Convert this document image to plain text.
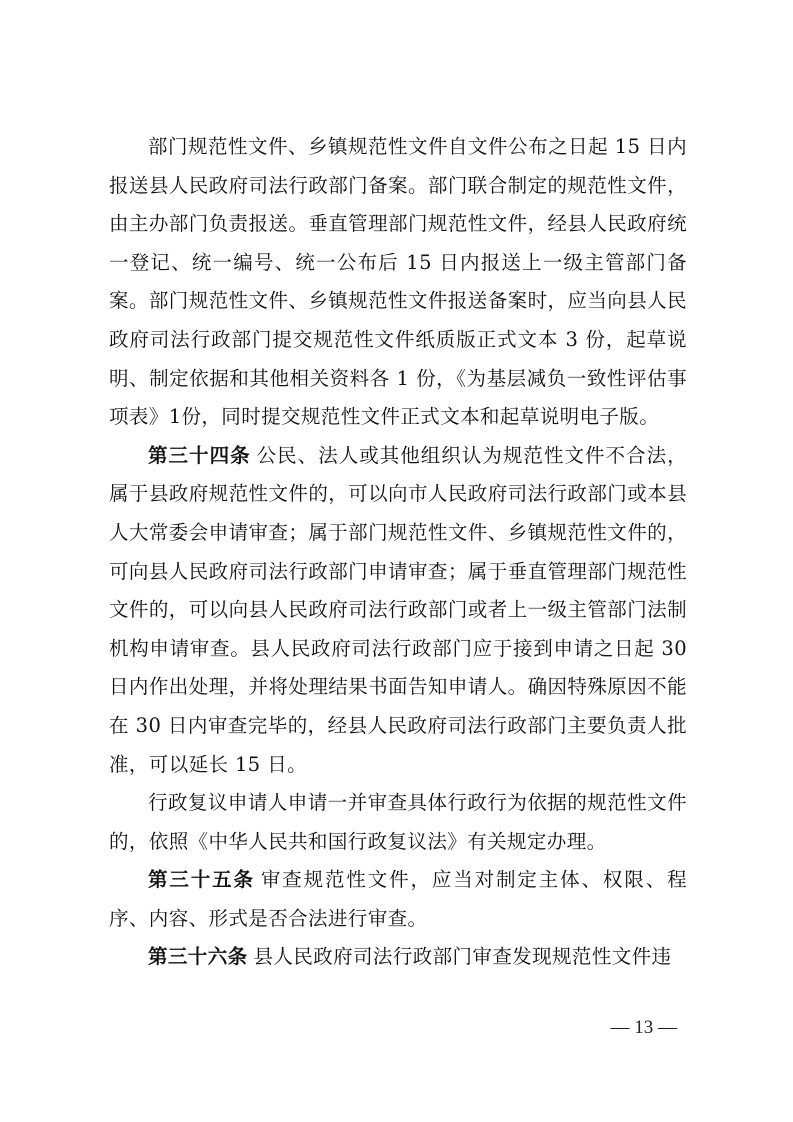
部门规范性文件、乡镇规范性文件自文件公布之日起 15 日内报送县人民政府司法行政部门备案。部门联合制定的规范性文件，由主办部门负责报送。垂直管理部门规范性文件，经县人民政府统一登记、统一编号、统一公布后 15 日内报送上一级主管部门备案。部门规范性文件、乡镇规范性文件报送备案时，应当向县人民政府司法行政部门提交规范性文件纸质版正式文本 3 份，起草说明、制定依据和其他相关资料各 1 份，《为基层减负一致性评估事项表》1份，同时提交规范性文件正式文本和起草说明电子版。

第三十四条 公民、法人或其他组织认为规范性文件不合法，属于县政府规范性文件的，可以向市人民政府司法行政部门或本县人大常委会申请审查；属于部门规范性文件、乡镇规范性文件的，可向县人民政府司法行政部门申请审查；属于垂直管理部门规范性文件的，可以向县人民政府司法行政部门或者上一级主管部门法制机构申请审查。县人民政府司法行政部门应于接到申请之日起 30 日内作出处理，并将处理结果书面告知申请人。确因特殊原因不能在 30 日内审查完毕的，经县人民政府司法行政部门主要负责人批准，可以延长 15 日。

行政复议申请人申请一并审查具体行政行为依据的规范性文件的，依照《中华人民共和国行政复议法》有关规定办理。

第三十五条 审查规范性文件，应当对制定主体、权限、程序、内容、形式是否合法进行审查。

第三十六条 县人民政府司法行政部门审查发现规范性文件违

— 13 —
